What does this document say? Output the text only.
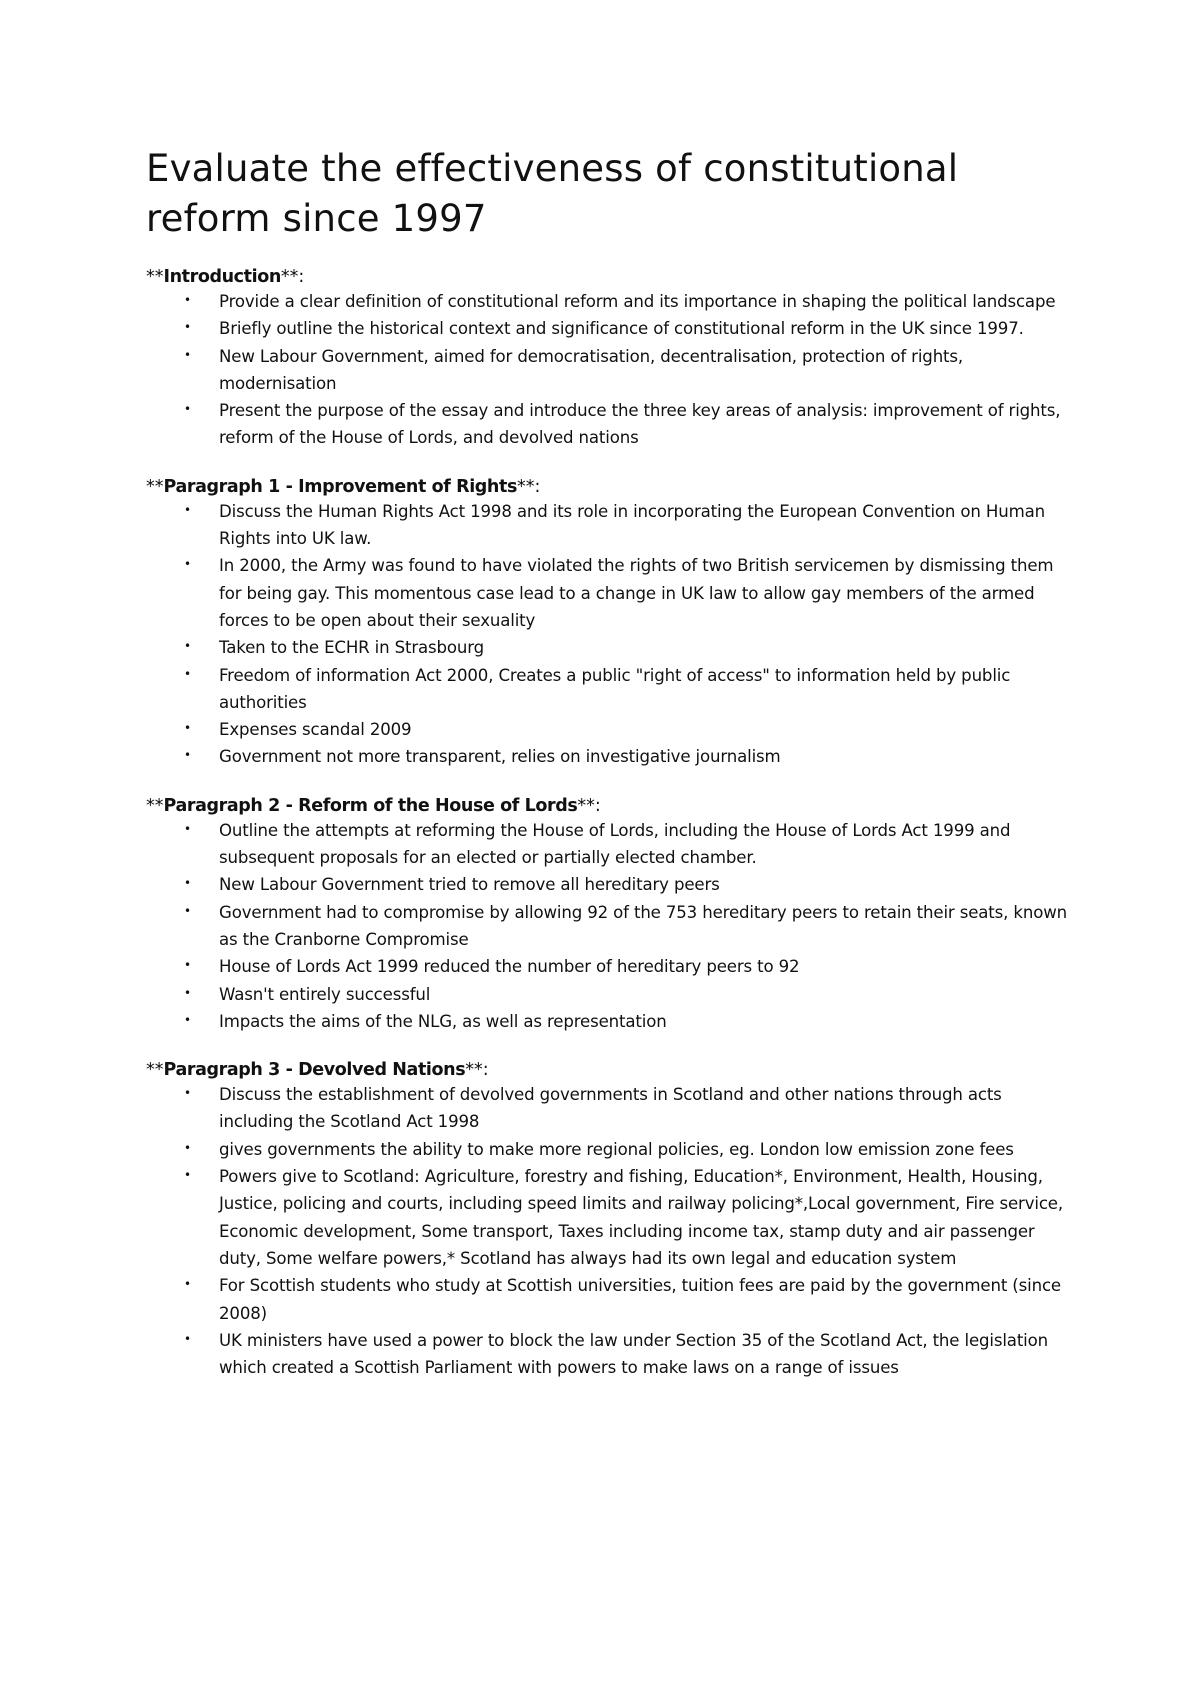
Evaluate the effectiveness of constitutional reform since 1997
** Introduction **:
• Provide a clear definition of constitutional reform and its importance in shaping the political landscape
• Briefly outline the historical context and significance of constitutional reform in the UK since 1997.
• New Labour Government, aimed for democratisation, decentralisation, protection of rights, modernisation
• Present the purpose of the essay and introduce the three key areas of analysis: improvement of rights, reform of the House of Lords, and devolved nations
** Paragraph 1 - Improvement of Rights **:
• Discuss the Human Rights Act 1998 and its role in incorporating the European Convention on Human Rights into UK law.
• In 2000, the Army was found to have violated the rights of two British servicemen by dismissing them for being gay. This momentous case lead to a change in UK law to allow gay members of the armed forces to be open about their sexuality
• Taken to the ECHR in Strasbourg
• Freedom of information Act 2000, Creates a public "right of access" to information held by public authorities
• Expenses scandal 2009
• Government not more transparent, relies on investigative journalism
** Paragraph 2 - Reform of the House of Lords **:
• Outline the attempts at reforming the House of Lords, including the House of Lords Act 1999 and subsequent proposals for an elected or partially elected chamber.
• New Labour Government tried to remove all hereditary peers
• Government had to compromise by allowing 92 of the 753 hereditary peers to retain their seats, known as the Cranborne Compromise
• House of Lords Act 1999 reduced the number of hereditary peers to 92
• Wasn't entirely successful
• Impacts the aims of the NLG, as well as representation
** Paragraph 3 - Devolved Nations **:
• Discuss the establishment of devolved governments in Scotland and other nations through acts including the Scotland Act 1998
• gives governments the ability to make more regional policies, eg. London low emission zone fees
• Powers give to Scotland: Agriculture, forestry and fishing, Education*, Environment, Health, Housing, Justice, policing and courts, including speed limits and railway policing*,Local government, Fire service, Economic development, Some transport, Taxes including income tax, stamp duty and air passenger duty, Some welfare powers,* Scotland has always had its own legal and education system
• For Scottish students who study at Scottish universities, tuition fees are paid by the government (since 2008)
• UK ministers have used a power to block the law under Section 35 of the Scotland Act, the legislation which created a Scottish Parliament with powers to make laws on a range of issues
